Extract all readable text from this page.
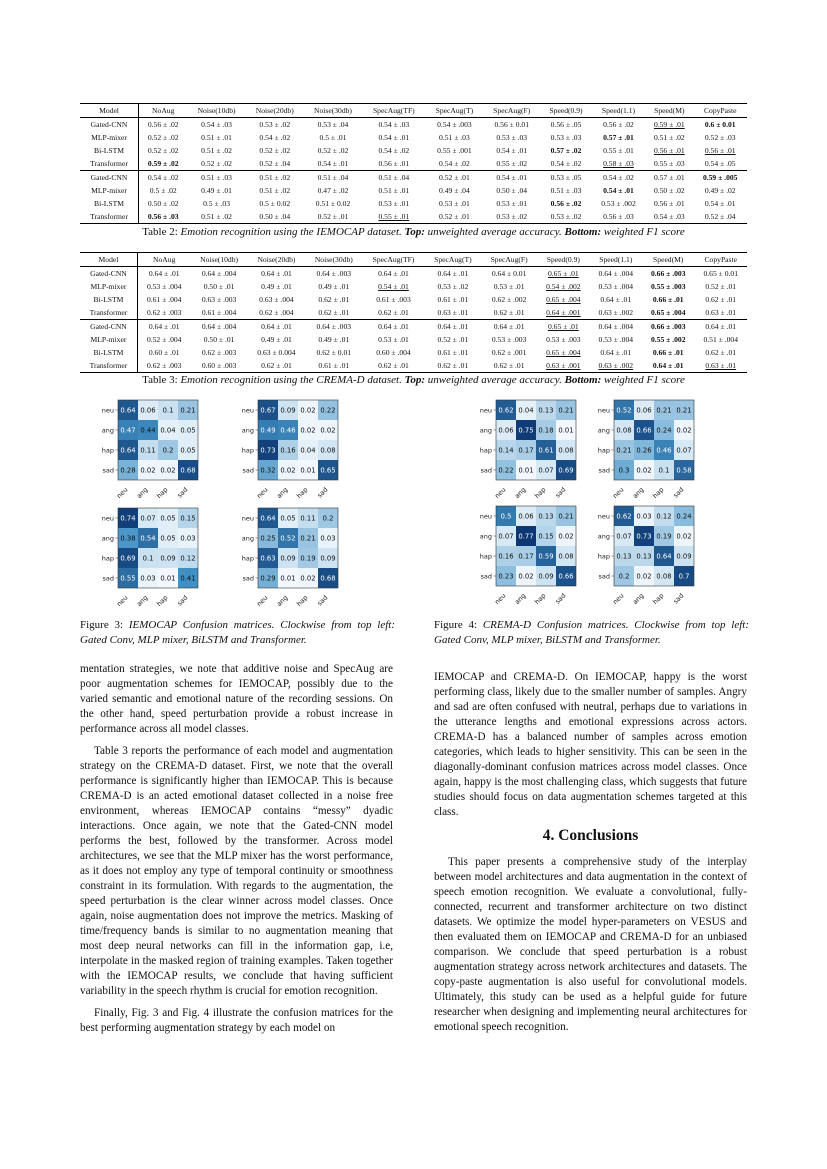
Model	NoAug	Noise(10db)	Noise(20db)	Noise(30db)	SpecAug(TF)	SpecAug(T)	SpecAug(F)	Speed(0.9)	Speed(1.1)	Speed(M)	CopyPaste
Gated-CNN	0.56 ± .02	0.54 ± .03	0.53 ± .02	0.53 ± .04	0.54 ± .03	0.54 ± .003	0.56 ± 0.01	0.56 ± .05	0.56 ± .02	0.59 ± .01	0.6 ± 0.01
MLP-mixer	0.52 ± .02	0.51 ± .01	0.54 ± .02	0.5 ± .01	0.54 ± .01	0.51 ± .03	0.53 ± .03	0.53 ± .03	0.57 ± .01	0.51 ± .02	0.52 ± .03
Bi-LSTM	0.52 ± .02	0.51 ± .02	0.52 ± .02	0.52 ± .02	0.54 ± .02	0.55 ± .001	0.54 ± .01	0.57 ± .02	0.55 ± .01	0.56 ± .01	0.56 ± .01
Transformer	0.59 ± .02	0.52 ± .02	0.52 ± .04	0.54 ± .01	0.56 ± .01	0.54 ± .02	0.55 ± .02	0.54 ± .02	0.58 ± .03	0.55 ± .03	0.54 ± .05
Gated-CNN	0.54 ± .02	0.51 ± .03	0.51 ± .02	0.51 ± .04	0.51 ± .04	0.52 ± .01	0.54 ± .01	0.53 ± .05	0.54 ± .02	0.57 ± .01	0.59 ± .005
MLP-mixer	0.5 ± .02	0.49 ± .01	0.51 ± .02	0.47 ± .02	0.51 ± .01	0.49 ± .04	0.50 ± .04	0.51 ± .03	0.54 ± .01	0.50 ± .02	0.49 ± .02
Bi-LSTM	0.50 ± .02	0.5 ± .03	0.5 ± 0.02	0.51 ± 0.02	0.53 ± .01	0.53 ± .01	0.53 ± .01	0.56 ± .02	0.53 ± .002	0.56 ± .01	0.54 ± .01
Transformer	0.56 ± .03	0.51 ± .02	0.50 ± .04	0.52 ± .01	0.55 ± .01	0.52 ± .01	0.53 ± .02	0.53 ± .02	0.56 ± .03	0.54 ± .03	0.52 ± .04
Table 2: Emotion recognition using the IEMOCAP dataset. Top: unweighted average accuracy. Bottom: weighted F1 score
Model	NoAug	Noise(10db)	Noise(20db)	Noise(30db)	SpecAug(TF)	SpecAug(T)	SpecAug(F)	Speed(0.9)	Speed(1.1)	Speed(M)	CopyPaste
Gated-CNN	0.64 ± .01	0.64 ± .004	0.64 ± .01	0.64 ± .003	0.64 ± .01	0.64 ± .01	0.64 ± 0.01	0.65 ± .01	0.64 ± .004	0.66 ± .003	0.65 ± 0.01
MLP-mixer	0.53 ± .004	0.50 ± .01	0.49 ± .01	0.49 ± .01	0.54 ± .01	0.53 ± .02	0.53 ± .01	0.54 ± .002	0.53 ± .004	0.55 ± .003	0.52 ± .01
Bi-LSTM	0.61 ± .004	0.63 ± .003	0.63 ± .004	0.62 ± .01	0.61 ± .003	0.61 ± .01	0.62 ± .002	0.65 ± .004	0.64 ± .01	0.66 ± .01	0.62 ± .01
Transformer	0.62 ± .003	0.61 ± .004	0.62 ± .004	0.62 ± .01	0.62 ± .01	0.63 ± .01	0.62 ± .01	0.64 ± .001	0.63 ± .002	0.65 ± .004	0.63 ± .01
Gated-CNN	0.64 ± .01	0.64 ± .004	0.64 ± .01	0.64 ± .003	0.64 ± .01	0.64 ± .01	0.64 ± .01	0.65 ± .01	0.64 ± .004	0.66 ± .003	0.64 ± .01
MLP-mixer	0.52 ± .004	0.50 ± .01	0.49 ± .01	0.49 ± .01	0.53 ± .01	0.52 ± .01	0.53 ± .003	0.53 ± .003	0.53 ± .004	0.55 ± .002	0.51 ± .004
Bi-LSTM	0.60 ± .01	0.62 ± .003	0.63 ± 0.004	0.62 ± 0.01	0.60 ± .004	0.61 ± .01	0.62 ± .001	0.65 ± .004	0.64 ± .01	0.66 ± .01	0.62 ± .01
Transformer	0.62 ± .003	0.60 ± .003	0.62 ± .01	0.61 ± .01	0.62 ± .01	0.62 ± .01	0.62 ± .01	0.63 ± .001	0.63 ± .002	0.64 ± .01	0.63 ± .01
Table 3: Emotion recognition using the CREMA-D dataset. Top: unweighted average accuracy. Bottom: weighted F1 score
0.64 0.06 0.1 0.21
0.47 0.44 0.04 0.05
0.64 0.11 0.2 0.05
0.28 0.02 0.02 0.68
neu
neu
ang
ang
hap
hap
sad
sad
0.67 0.09 0.02 0.22
0.49 0.46 0.02 0.02
0.73 0.16 0.04 0.08
0.32 0.02 0.01 0.65
neu
neu
ang
ang
hap
hap
sad
sad
0.74 0.07 0.05 0.15
0.38 0.54 0.05 0.03
0.69 0.1 0.09 0.12
0.55 0.03 0.01 0.41
neu
neu
ang
ang
hap
hap
sad
sad
0.64 0.05 0.11 0.2
0.25 0.52 0.21 0.03
0.63 0.09 0.19 0.09
0.29 0.01 0.02 0.68
neu
neu
ang
ang
hap
hap
sad
sad
0.62 0.04 0.13 0.21
0.06 0.75 0.18 0.01
0.14 0.17 0.61 0.08
0.22 0.01 0.07 0.69
neu
neu
ang
ang
hap
hap
sad
sad
0.52 0.06 0.21 0.21
0.08 0.66 0.24 0.02
0.21 0.26 0.46 0.07
0.3 0.02 0.1 0.58
neu
neu
ang
ang
hap
hap
sad
sad
0.5 0.06 0.13 0.21
0.07 0.77 0.15 0.02
0.16 0.17 0.59 0.08
0.23 0.02 0.09 0.66
neu
neu
ang
ang
hap
hap
sad
sad
0.62 0.03 0.12 0.24
0.07 0.73 0.19 0.02
0.13 0.13 0.64 0.09
0.2 0.02 0.08 0.7
neu
neu
ang
ang
hap
hap
sad
sad
Figure 3: IEMOCAP Confusion matrices. Clockwise from top left: Gated Conv, MLP mixer, BiLSTM and Transformer.
Figure 4: CREMA-D Confusion matrices. Clockwise from top left: Gated Conv, MLP mixer, BiLSTM and Transformer.

mentation strategies, we note that additive noise and SpecAug are poor augmentation schemes for IEMOCAP, possibly due to the varied semantic and emotional nature of the recording sessions. On the other hand, speed perturbation provide a robust increase in performance across all model classes.

Table 3 reports the performance of each model and augmentation strategy on the CREMA-D dataset. First, we note that the overall performance is significantly higher than IEMOCAP. This is because CREMA-D is an acted emotional dataset collected in a noise free environment, whereas IEMOCAP contains “messy” dyadic interactions. Once again, we note that the Gated-CNN model performs the best, followed by the transformer. Across model architectures, we see that the MLP mixer has the worst performance, as it does not employ any type of temporal continuity or smoothness constraint in its formulation. With regards to the augmentation, the speed perturbation is the clear winner across model classes. Once again, noise augmentation does not improve the metrics. Masking of time/frequency bands is similar to no augmentation meaning that most deep neural networks can fill in the information gap, i.e, interpolate in the masked region of training examples. Taken together with the IEMOCAP results, we conclude that having sufficient variability in the speech rhythm is crucial for emotion recognition.

Finally, Fig. 3 and Fig. 4 illustrate the confusion matrices for the best performing augmentation strategy by each model on

IEMOCAP and CREMA-D. On IEMOCAP, happy is the worst performing class, likely due to the smaller number of samples. Angry and sad are often confused with neutral, perhaps due to variations in the utterance lengths and emotional expressions across actors. CREMA-D has a balanced number of samples across emotion categories, which leads to higher sensitivity. This can be seen in the diagonally-dominant confusion matrices across model classes. Once again, happy is the most challenging class, which suggests that future studies should focus on data augmentation schemes targeted at this class.

4. Conclusions

This paper presents a comprehensive study of the interplay between model architectures and data augmentation in the context of speech emotion recognition. We evaluate a convolutional, fully-connected, recurrent and transformer architecture on two distinct datasets. We optimize the model hyper-parameters on VESUS and then evaluated them on IEMOCAP and CREMA-D for an unbiased comparison. We conclude that speed perturbation is a robust augmentation strategy across network architectures and datasets. The copy-paste augmentation is also useful for convolutional models. Ultimately, this study can be used as a helpful guide for future researcher when designing and implementing neural architectures for emotional speech recognition.
